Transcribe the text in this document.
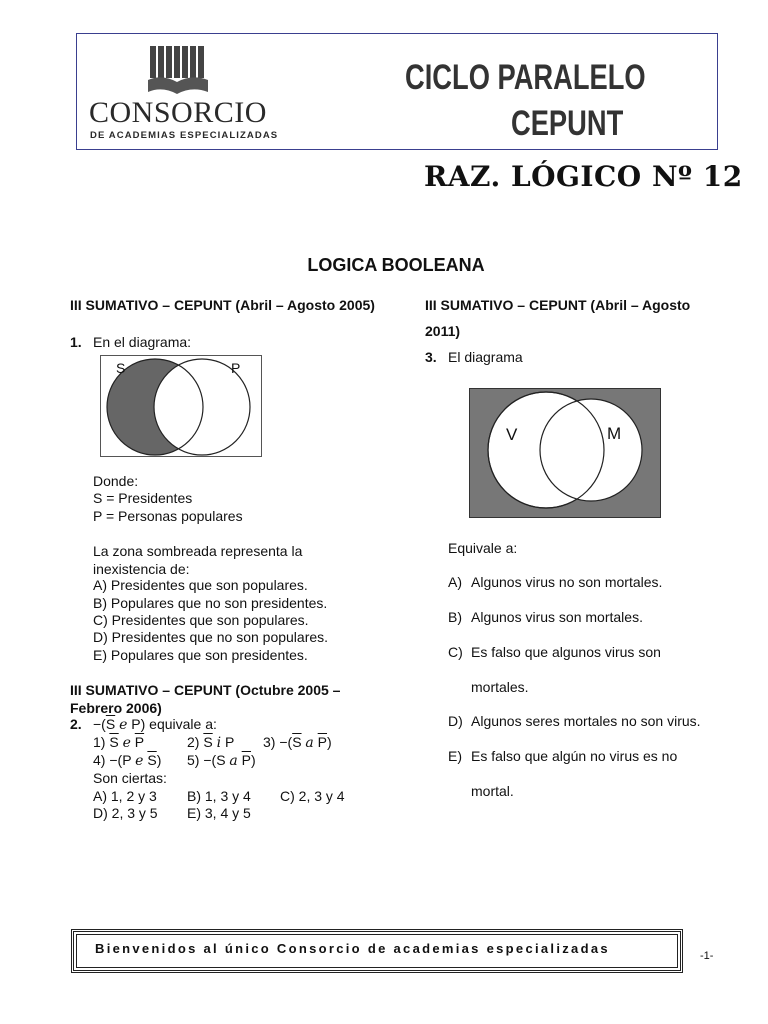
CONSORCIO
DE ACADEMIAS ESPECIALIZADAS
CICLO PARALELO
CEPUNT
RAZ. LÓGICO Nº 12
LOGICA BOOLEANA
III SUMATIVO – CEPUNT (Abril – Agosto 2005)
1. En el diagrama:
S	P
Donde:
S = Presidentes
P = Personas populares
La zona sombreada representa la inexistencia de:
A) Presidentes que son populares.
B) Populares que no son presidentes.
C) Presidentes que son populares.
D) Presidentes que no son populares.
E) Populares que son presidentes.
III SUMATIVO – CEPUNT (Octubre 2005 – Febrero 2006)
2. $-(\overline{S}$ e P) equivale a:
1) $\overline{S}$ e $\overline{P}$	2) $\overline{S}$ i P $3) -(\overline{S}$ a $\overline{P}$)
4) −(P e $\overline{S}$) 5) −(S a $\overline{P}$)
Son ciertas:
A) 1, 2 y 3 B) 1, 3 y 4 C) 2, 3 y 4
D) 2, 3 y 5 E) 3, 4 y 5
III SUMATIVO – CEPUNT (Abril – Agosto
2011)
3. El diagrama
V	M
Equivale a:
A) Algunos virus no son mortales.
B) Algunos virus son mortales.
C) Es falso que algunos virus son
mortales.
D) Algunos seres mortales no son virus.
E) Es falso que algún no virus es no
mortal.
Bienvenidos al único Consorcio de academias especializadas	-1-
